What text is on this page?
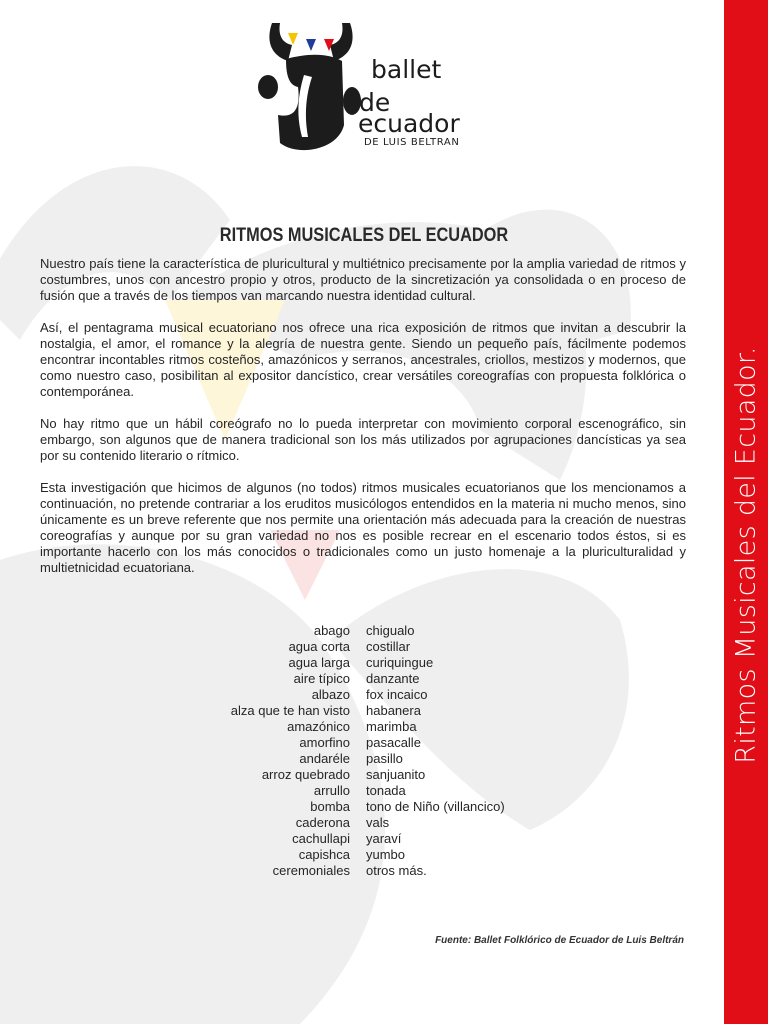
ballet
de
ecuador
DE LUIS BELTRAN
RITMOS MUSICALES DEL ECUADOR

Nuestro país tiene la característica de pluricultural y multiétnico precisamente por la amplia variedad de ritmos y costumbres, unos con ancestro propio y otros, producto de la sincretización ya consolidada o en proceso de fusión que a través de los tiempos van marcando nuestra identidad cultural.

Así, el pentagrama musical ecuatoriano nos ofrece una rica exposición de ritmos que invitan a descubrir la nostalgia, el amor, el romance y la alegría de nuestra gente. Siendo un pequeño país, fácilmente podemos encontrar incontables ritmos costeños, amazónicos y serranos, ancestrales, criollos, mestizos y modernos, que como nuestro caso, posibilitan al expositor dancístico, crear versátiles coreografías con propuesta folklórica o contemporánea.

No hay ritmo que un hábil coreógrafo no lo pueda interpretar con movimiento corporal escenográfico, sin embargo, son algunos que de manera tradicional son los más utilizados por agrupaciones dancísticas ya sea por su contenido literario o rítmico.

Esta investigación que hicimos de algunos (no todos) ritmos musicales ecuatorianos que los mencionamos a continuación, no pretende contrariar a los eruditos musicólogos entendidos en la materia ni mucho menos, sino únicamente es un breve referente que nos permite una orientación más adecuada para la creación de nuestras coreografías y aunque por su gran variedad no nos es posible recrear en el escenario todos éstos, si es importante hacerlo con los más conocidos o tradicionales como un justo homenaje a la pluriculturalidad y multietnicidad ecuatoriana.

abago
agua corta
agua larga
aire típico
albazo
alza que te han visto
amazónico
amorfino
andaréle
arroz quebrado
arrullo
bomba
caderona
cachullapi
capishca
ceremoniales
chigualo
costillar
curiquingue
danzante
fox incaico
habanera
marimba
pasacalle
pasillo
sanjuanito
tonada
tono de Niño (villancico)
vals
yaraví
yumbo
otros más.
Fuente: Ballet Folklórico de Ecuador de Luis Beltrán
Ritmos Musicales del Ecuador.
